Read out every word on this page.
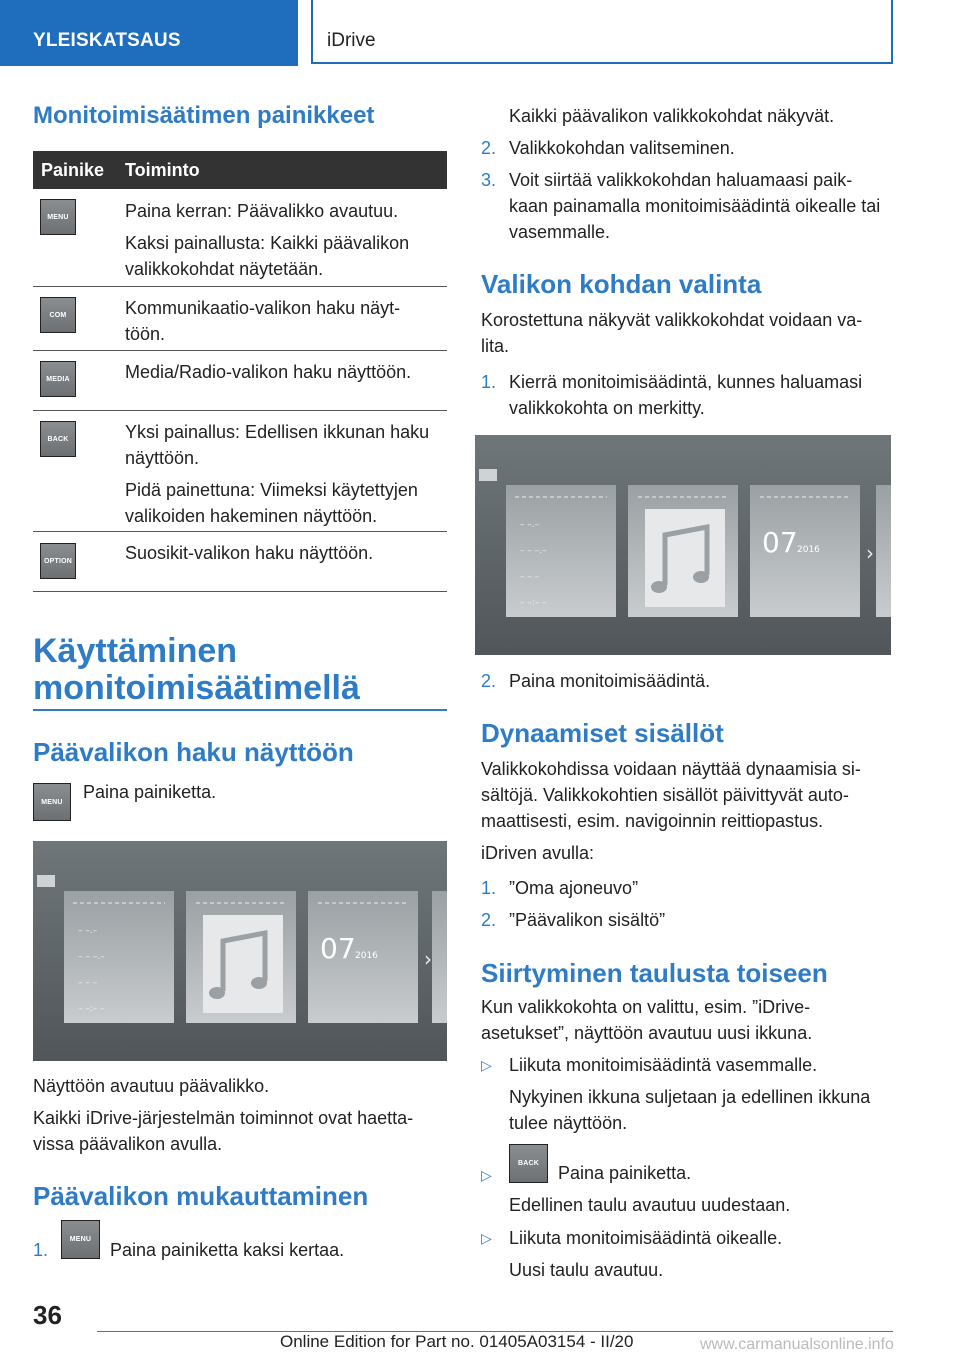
YLEISKATSAUS	iDrive
Monitoimisäätimen painikkeet
Painike Toiminto
MENU	Paina kerran: Päävalikko avautuu.
Kaksi painallusta: Kaikki päävalikon
valikkokohdat näytetään.
COM	Kommunikaatio-valikon haku näyt-
töön.
MEDIA	Media/Radio-valikon haku näyttöön.
BACK	Yksi painallus: Edellisen ikkunan haku
näyttöön.
Pidä painettuna: Viimeksi käytettyjen
valikoiden hakeminen näyttöön.
OPTION	Suosikit-valikon haku näyttöön.
Käyttäminen
monitoimisäätimellä
Päävalikon haku näyttöön
MENU	Paina painiketta.
– –.–
– – –.–
– – –
– –:– –
07 2016 ›
Näyttöön avautuu päävalikko.
Kaikki iDrive-järjestelmän toiminnot ovat haetta-
vissa päävalikon avulla.
Päävalikon mukauttaminen
1.
MENU
Paina painiketta kaksi kertaa.
Kaikki päävalikon valikkokohdat näkyvät.
2. Valikkokohdan valitseminen.
3. Voit siirtää valikkokohdan haluamaasi paik-
kaan painamalla monitoimisäädintä oikealle tai
vasemmalle.
Valikon kohdan valinta
Korostettuna näkyvät valikkokohdat voidaan va-
lita.
1. Kierrä monitoimisäädintä, kunnes haluamasi
valikkokohta on merkitty.
– –.–
– – –.–
– – –
– –:– –
07 2016 ›
2. Paina monitoimisäädintä.
Dynaamiset sisällöt
Valikkokohdissa voidaan näyttää dynaamisia si-
sältöjä. Valikkokohtien sisällöt päivittyvät auto-
maattisesti, esim. navigoinnin reittiopastus.
iDriven avulla:
1. ”Oma ajoneuvo”
2. ”Päävalikon sisältö”
Siirtyminen taulusta toiseen
Kun valikkokohta on valittu, esim. ”iDrive-
asetukset”, näyttöön avautuu uusi ikkuna.
▷ Liikuta monitoimisäädintä vasemmalle.
Nykyinen ikkuna suljetaan ja edellinen ikkuna
tulee näyttöön.
▷
BACK	Paina painiketta.
Edellinen taulu avautuu uudestaan.
▷ Liikuta monitoimisäädintä oikealle.
Uusi taulu avautuu.
36
Online Edition for Part no. 01405A03154 - II/20	www.carmanualsonline.info
